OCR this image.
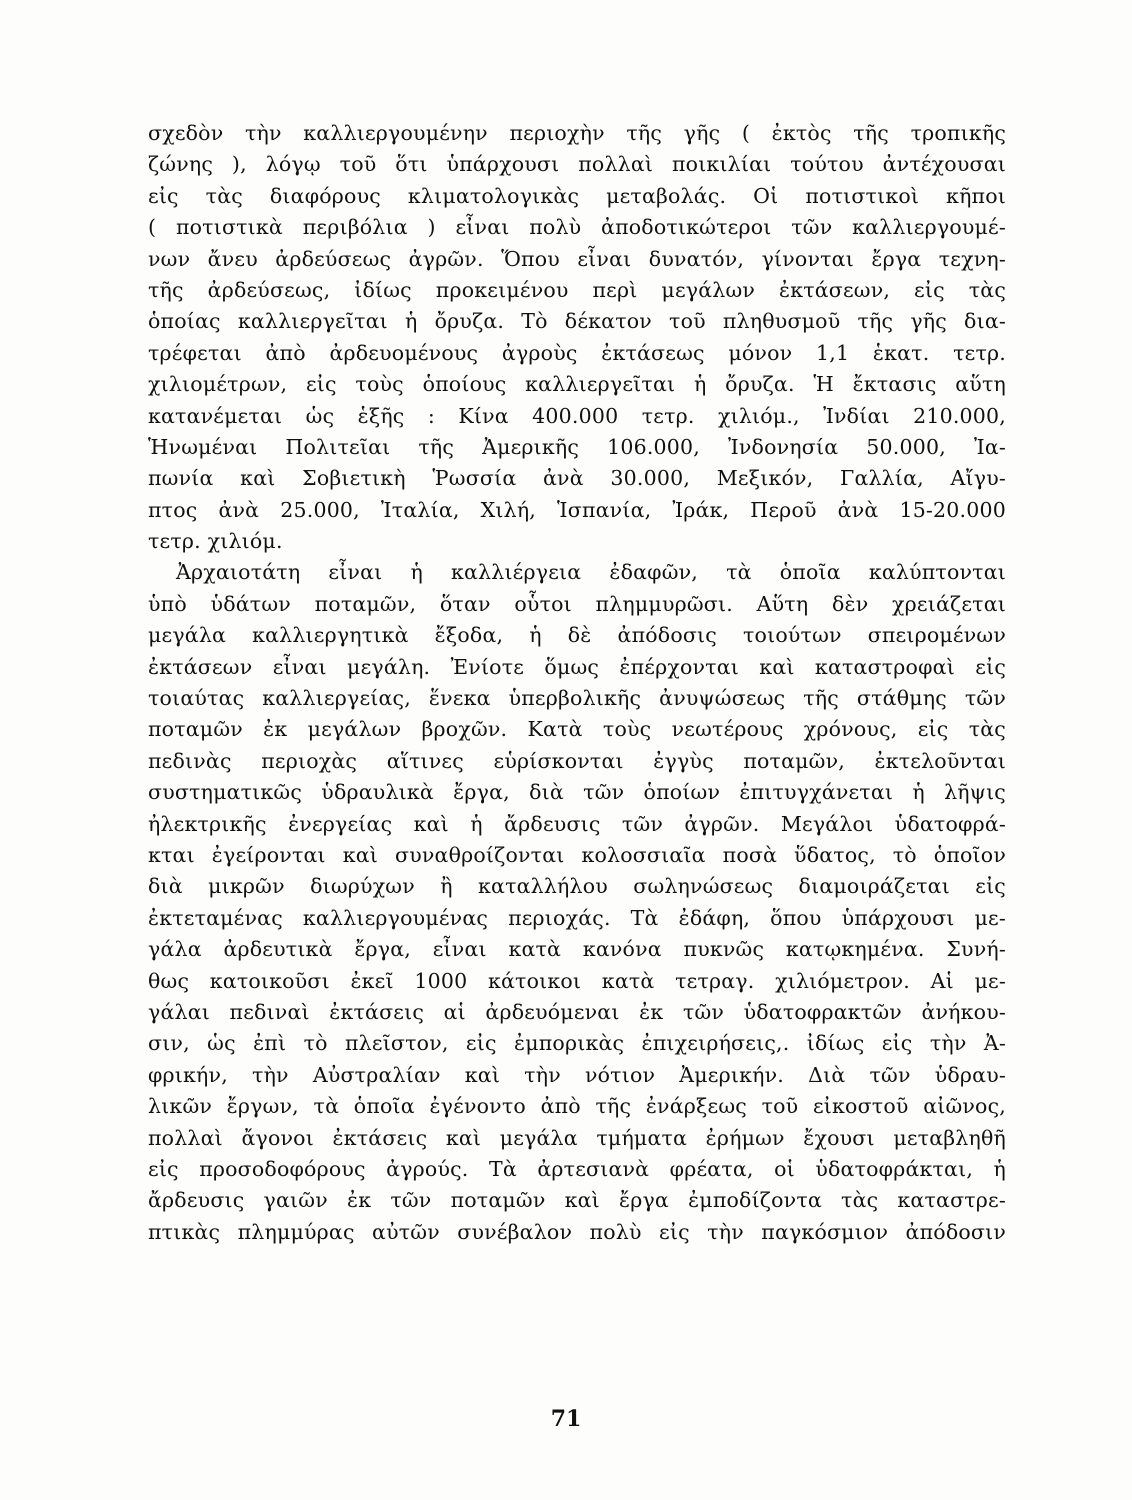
σχεδὸν τὴν καλλιεργουμένην περιοχὴν τῆς γῆς ( ἐκτὸς τῆς τροπικῆς
ζώνης ), λόγῳ τοῦ ὅτι ὑπάρχουσι πολλαὶ ποικιλίαι τούτου ἀντέχουσαι
εἰς τὰς διαφόρους κλιματολογικὰς μεταβολάς. Οἱ ποτιστικοὶ κῆποι
( ποτιστικὰ περιβόλια ) εἶναι πολὺ ἀποδοτικώτεροι τῶν καλλιεργουμέ-
νων ἄνευ ἀρδεύσεως ἀγρῶν. Ὅπου εἶναι δυνατόν, γίνονται ἔργα τεχνη-
τῆς ἀρδεύσεως, ἰδίως προκειμένου περὶ μεγάλων ἐκτάσεων, εἰς τὰς
ὁποίας καλλιεργεῖται ἡ ὄρυζα. Τὸ δέκατον τοῦ πληθυσμοῦ τῆς γῆς δια-
τρέφεται ἀπὸ ἀρδευομένους ἀγροὺς ἐκτάσεως μόνον 1,1 ἑκατ. τετρ.
χιλιομέτρων, εἰς τοὺς ὁποίους καλλιεργεῖται ἡ ὄρυζα. Ἡ ἔκτασις αὕτη
κατανέμεται ὡς ἑξῆς : Κίνα 400.000 τετρ. χιλιόμ., Ἰνδίαι 210.000,
Ἡνωμέναι Πολιτεῖαι τῆς Ἀμερικῆς 106.000, Ἰνδονησία 50.000, Ἰα-
πωνία καὶ Σοβιετικὴ Ῥωσσία ἀνὰ 30.000, Μεξικόν, Γαλλία, Αἴγυ-
πτος ἀνὰ 25.000, Ἰταλία, Χιλή, Ἱσπανία, Ἰράκ, Περοῦ ἀνὰ 15-20.000
τετρ. χιλιόμ.
Ἀρχαιοτάτη εἶναι ἡ καλλιέργεια ἐδαφῶν, τὰ ὁποῖα καλύπτονται
ὑπὸ ὑδάτων ποταμῶν, ὅταν οὗτοι πλημμυρῶσι. Αὕτη δὲν χρειάζεται
μεγάλα καλλιεργητικὰ ἔξοδα, ἡ δὲ ἀπόδοσις τοιούτων σπειρομένων
ἐκτάσεων εἶναι μεγάλη. Ἐνίοτε ὅμως ἐπέρχονται καὶ καταστροφαὶ εἰς
τοιαύτας καλλιεργείας, ἕνεκα ὑπερβολικῆς ἀνυψώσεως τῆς στάθμης τῶν
ποταμῶν ἐκ μεγάλων βροχῶν. Κατὰ τοὺς νεωτέρους χρόνους, εἰς τὰς
πεδινὰς περιοχὰς αἵτινες εὑρίσκονται ἐγγὺς ποταμῶν, ἐκτελοῦνται
συστηματικῶς ὑδραυλικὰ ἔργα, διὰ τῶν ὁποίων ἐπιτυγχάνεται ἡ λῆψις
ἠλεκτρικῆς ἐνεργείας καὶ ἡ ἄρδευσις τῶν ἀγρῶν. Μεγάλοι ὑδατοφρά-
κται ἐγείρονται καὶ συναθροίζονται κολοσσιαῖα ποσὰ ὕδατος, τὸ ὁποῖον
διὰ μικρῶν διωρύχων ἢ καταλλήλου σωληνώσεως διαμοιράζεται εἰς
ἐκτεταμένας καλλιεργουμένας περιοχάς. Τὰ ἐδάφη, ὅπου ὑπάρχουσι με-
γάλα ἀρδευτικὰ ἔργα, εἶναι κατὰ κανόνα πυκνῶς κατῳκημένα. Συνή-
θως κατοικοῦσι ἐκεῖ 1000 κάτοικοι κατὰ τετραγ. χιλιόμετρον. Αἱ με-
γάλαι πεδιναὶ ἐκτάσεις αἱ ἀρδευόμεναι ἐκ τῶν ὑδατοφρακτῶν ἀνήκου-
σιν, ὡς ἐπὶ τὸ πλεῖστον, εἰς ἐμπορικὰς ἐπιχειρήσεις,. ἰδίως εἰς τὴν Ἀ-
φρικήν, τὴν Αὐστραλίαν καὶ τὴν νότιον Ἀμερικήν. Διὰ τῶν ὑδραυ-
λικῶν ἔργων, τὰ ὁποῖα ἐγένοντο ἀπὸ τῆς ἐνάρξεως τοῦ εἰκοστοῦ αἰῶνος,
πολλαὶ ἄγονοι ἐκτάσεις καὶ μεγάλα τμήματα ἐρήμων ἔχουσι μεταβληθῆ
εἰς προσοδοφόρους ἀγρούς. Τὰ ἀρτεσιανὰ φρέατα, οἱ ὑδατοφράκται, ἡ
ἄρδευσις γαιῶν ἐκ τῶν ποταμῶν καὶ ἔργα ἐμποδίζοντα τὰς καταστρε-
πτικὰς πλημμύρας αὐτῶν συνέβαλον πολὺ εἰς τὴν παγκόσμιον ἀπόδοσιν
71
